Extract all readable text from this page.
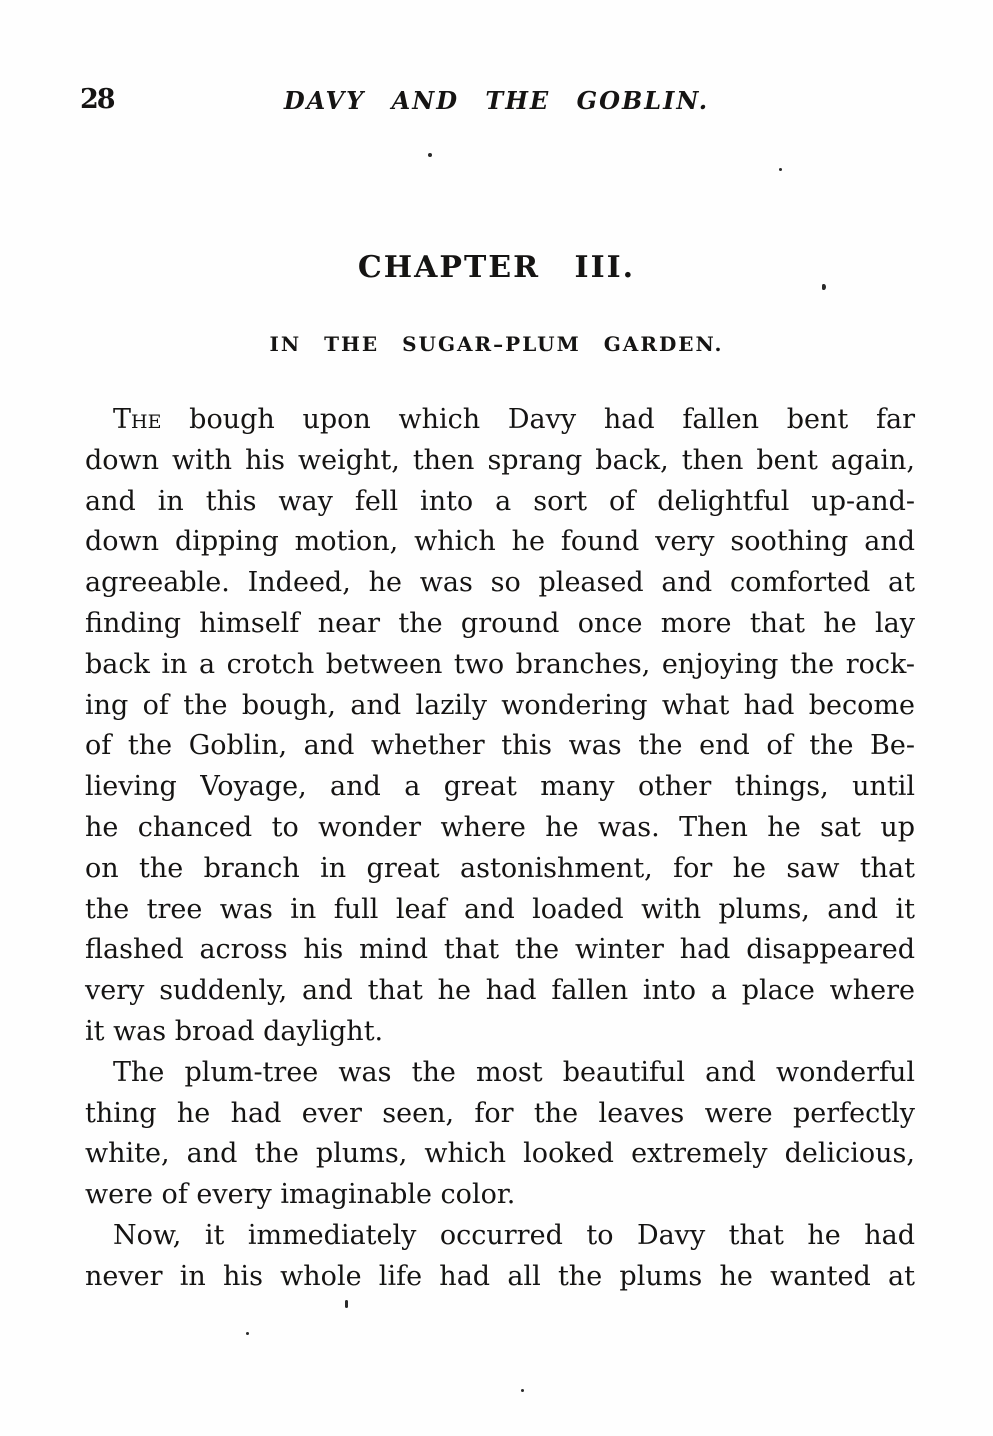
28	DAVY AND THE GOBLIN.
CHAPTER III.
IN THE SUGAR–PLUM GARDEN.
The bough upon which Davy had fallen bent far
down with his weight, then sprang back, then bent again,
and in this way fell into a sort of delightful up-and-
down dipping motion, which he found very soothing and
agreeable. Indeed, he was so pleased and comforted at
finding himself near the ground once more that he lay
back in a crotch between two branches, enjoying the rock-
ing of the bough, and lazily wondering what had become
of the Goblin, and whether this was the end of the Be-
lieving Voyage, and a great many other things, until
he chanced to wonder where he was. Then he sat up
on the branch in great astonishment, for he saw that
the tree was in full leaf and loaded with plums, and it
flashed across his mind that the winter had disappeared
very suddenly, and that he had fallen into a place where
it was broad daylight.
The plum-tree was the most beautiful and wonderful
thing he had ever seen, for the leaves were perfectly
white, and the plums, which looked extremely delicious,
were of every imaginable color.
Now, it immediately occurred to Davy that he had
never in his whole life had all the plums he wanted at
